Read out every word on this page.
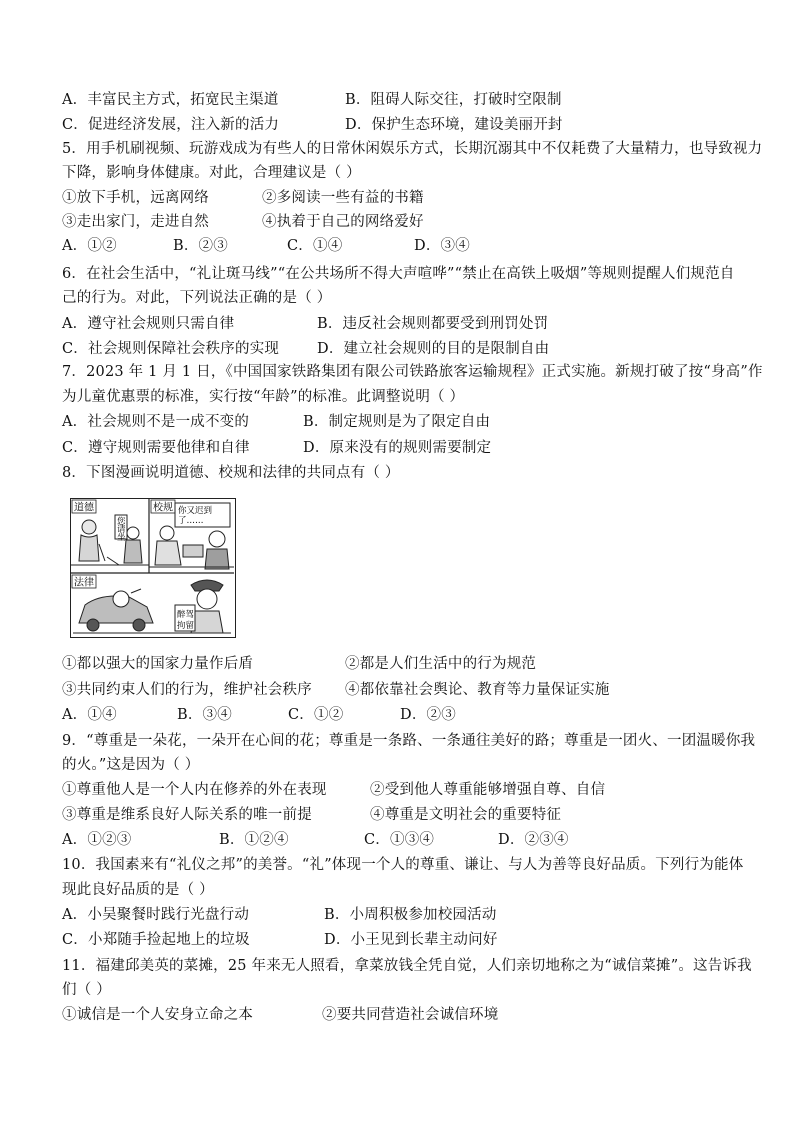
A．丰富民主方式，拓宽民主渠道	B．阻碍人际交往，打破时空限制
C．促进经济发展，注入新的活力	D．保护生态环境，建设美丽开封
5．用手机刷视频、玩游戏成为有些人的日常休闲娱乐方式，长期沉溺其中不仅耗费了大量精力，也导致视力
下降，影响身体健康。对此，合理建议是（ ）
①放下手机，远离网络	②多阅读一些有益的书籍
③走出家门，走进自然	④执着于自己的网络爱好
A．①②	B．②③	C．①④	D．③④
6．在社会生活中，“礼让斑马线”“在公共场所不得大声喧哗”“禁止在高铁上吸烟”等规则提醒人们规范自
己的行为。对此，下列说法正确的是（ ）
A．遵守社会规则只需自律	B．违反社会规则都要受到刑罚处罚
C．社会规则保障社会秩序的实现	D．建立社会规则的目的是限制自由
7．2023 年 1 月 1 日，《中国国家铁路集团有限公司铁路旅客运输规程》正式实施。新规打破了按“身高”作
为儿童优惠票的标准，实行按“年龄”的标准。此调整说明（ ）
A．社会规则不是一成不变的	B．制定规则是为了限定自由
C．遵守规则需要他律和自律	D．原来没有的规则需要制定
8．下图漫画说明道德、校规和法律的共同点有（ ）
道德	校规
法律
您
请
坐
你又迟到
了……
醉驾
拘留
①都以强大的国家力量作后盾	②都是人们生活中的行为规范
③共同约束人们的行为，维护社会秩序 ④都依靠社会舆论、教育等力量保证实施
A．①④	B．③④	C．①②	D．②③
9．“尊重是一朵花，一朵开在心间的花；尊重是一条路、一条通往美好的路；尊重是一团火、一团温暖你我
的火。”这是因为（ ）
①尊重他人是一个人内在修养的外在表现	②受到他人尊重能够增强自尊、自信
③尊重是维系良好人际关系的唯一前提	④尊重是文明社会的重要特征
A．①②③	B．①②④	C．①③④	D．②③④
10．我国素来有“礼仪之邦”的美誉。“礼”体现一个人的尊重、谦让、与人为善等良好品质。下列行为能体
现此良好品质的是（ ）
A．小吴聚餐时践行光盘行动	B．小周积极参加校园活动
C．小郑随手捡起地上的垃圾	D．小王见到长辈主动问好
11．福建邱美英的菜摊，25 年来无人照看，拿菜放钱全凭自觉，人们亲切地称之为“诚信菜摊”。这告诉我
们（ ）
①诚信是一个人安身立命之本	②要共同营造社会诚信环境
